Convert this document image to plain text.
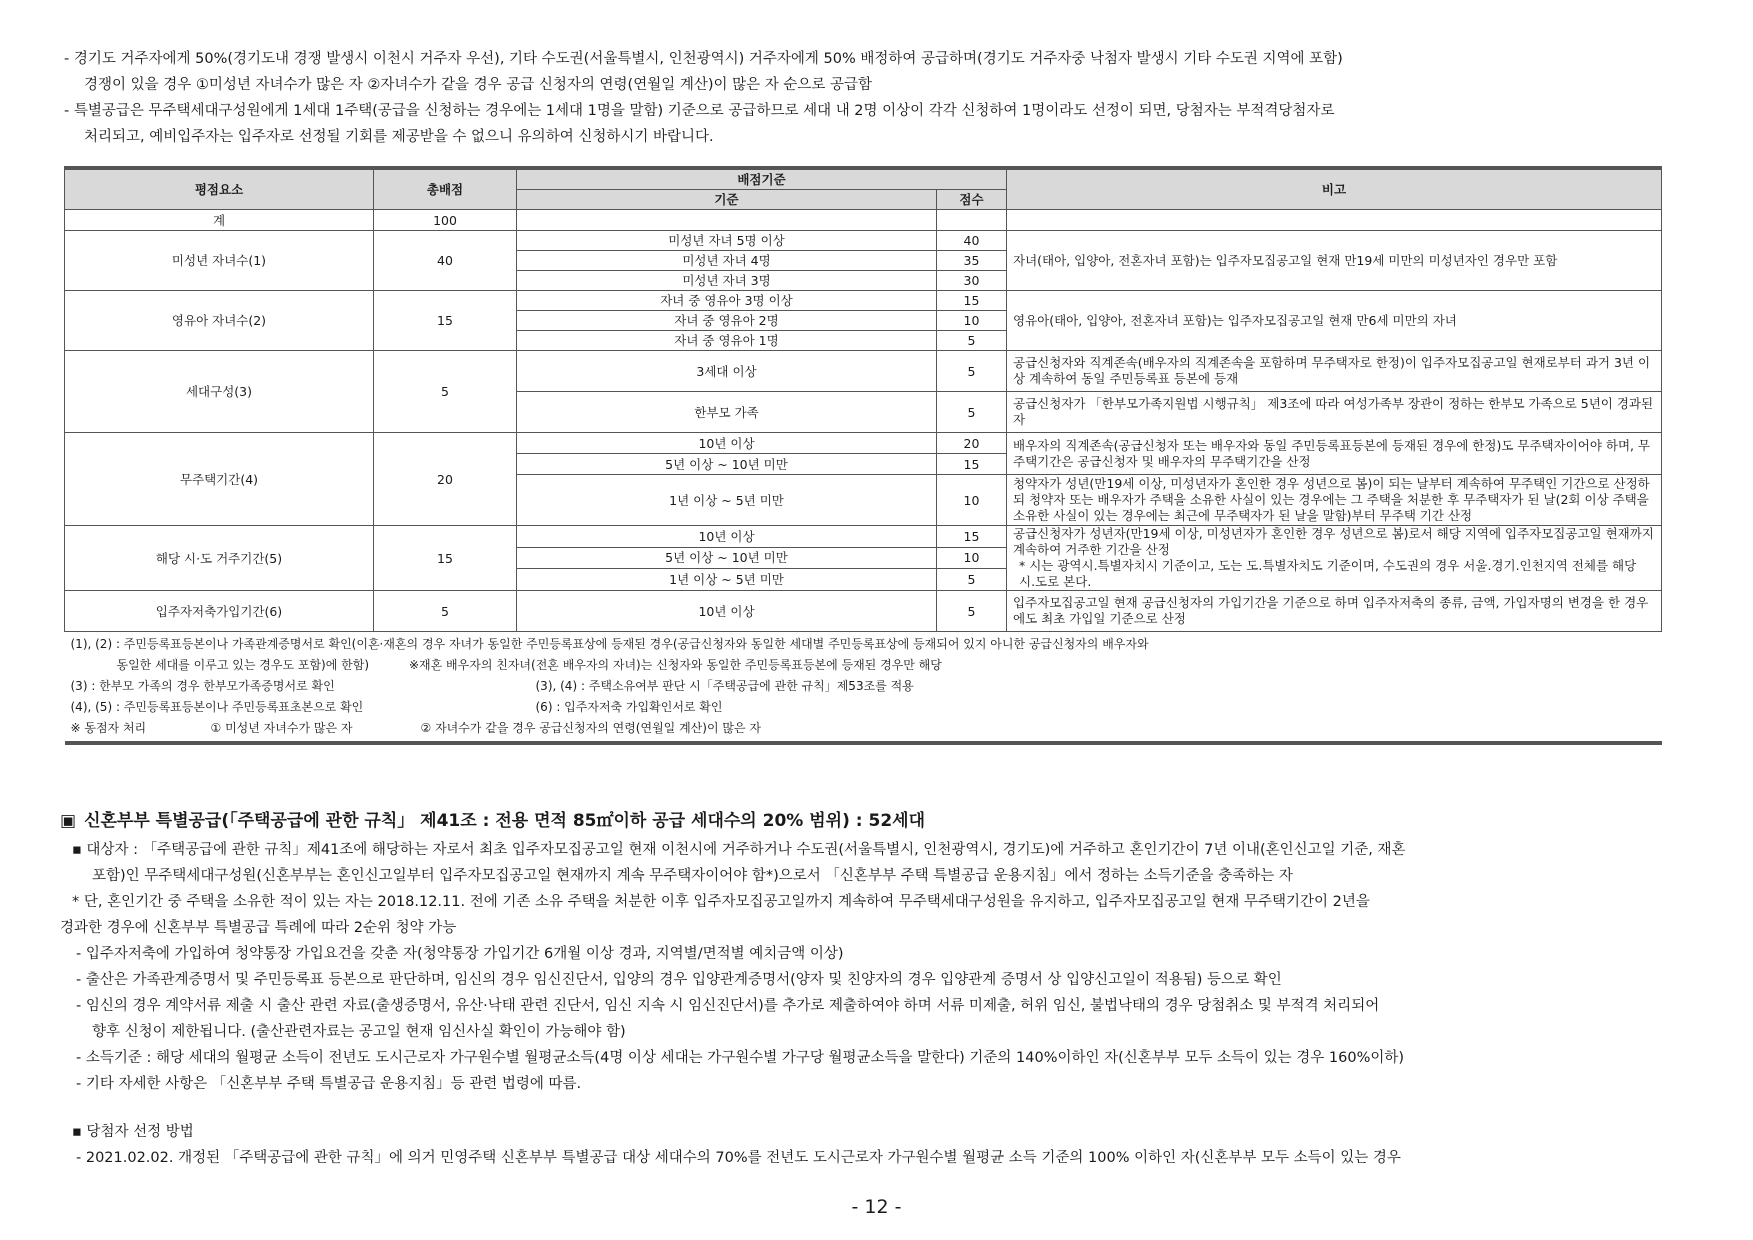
- 경기도 거주자에게 50%(경기도내 경쟁 발생시 이천시 거주자 우선), 기타 수도권(서울특별시, 인천광역시) 거주자에게 50% 배정하여 공급하며(경기도 거주자중 낙첨자 발생시 기타 수도권 지역에 포함)

경쟁이 있을 경우 ①미성년 자녀수가 많은 자 ②자녀수가 같을 경우 공급 신청자의 연령(연월일 계산)이 많은 자 순으로 공급함

- 특별공급은 무주택세대구성원에게 1세대 1주택(공급을 신청하는 경우에는 1세대 1명을 말함) 기준으로 공급하므로 세대 내 2명 이상이 각각 신청하여 1명이라도 선정이 되면, 당첨자는 부적격당첨자로

처리되고, 예비입주자는 입주자로 선정될 기회를 제공받을 수 없으니 유의하여 신청하시기 바랍니다.

평점요소	총배점	배점기준		비고
		기준	점수	
계	100			
미성년 자녀수(1)	40	미성년 자녀 5명 이상	40	자녀(태아, 입양아, 전혼자녀 포함)는 입주자모집공고일 현재 만19세 미만의 미성년자인 경우만 포함
		미성년 자녀 4명	35	
		미성년 자녀 3명	30	
영유아 자녀수(2)	15	자녀 중 영유아 3명 이상	15	영유아(태아, 입양아, 전혼자녀 포함)는 입주자모집공고일 현재 만6세 미만의 자녀
		자녀 중 영유아 2명	10	
		자녀 중 영유아 1명	5	
세대구성(3)	5	3세대 이상	5	공급신청자와 직계존속(배우자의 직계존속을 포함하며 무주택자로 한정)이 입주자모집공고일 현재로부터 과거 3년 이상 계속하여 동일 주민등록표 등본에 등재
		한부모 가족	5	공급신청자가 「한부모가족지원법 시행규칙」 제3조에 따라 여성가족부 장관이 정하는 한부모 가족으로 5년이 경과된 자
무주택기간(4)	20	10년 이상	20	배우자의 직계존속(공급신청자 또는 배우자와 동일 주민등록표등본에 등재된 경우에 한정)도 무주택자이어야 하며, 무주택기간은 공급신청자 및 배우자의 무주택기간을 산정
		5년 이상 ~ 10년 미만	15	
		1년 이상 ~ 5년 미만	10	청약자가 성년(만19세 이상, 미성년자가 혼인한 경우 성년으로 봄)이 되는 날부터 계속하여 무주택인 기간으로 산정하되 청약자 또는 배우자가 주택을 소유한 사실이 있는 경우에는 그 주택을 처분한 후 무주택자가 된 날(2회 이상 주택을 소유한 사실이 있는 경우에는 최근에 무주택자가 된 날을 말함)부터 무주택 기간 산정
해당 시·도 거주기간(5)	15	10년 이상	15	공급신청자가 성년자(만19세 이상, 미성년자가 혼인한 경우 성년으로 봄)로서 해당 지역에 입주자모집공고일 현재까지 계속하여 거주한 기간을 산정
* 시는 광역시.특별자치시 기준이고, 도는 도.특별자치도 기준이며, 수도권의 경우 서울.경기.인천지역 전체를 해당 시.도로 본다.

		5년 이상 ~ 10년 미만	10	
		1년 이상 ~ 5년 미만	5	
입주자저축가입기간(6)	5	10년 이상	5	입주자모집공고일 현재 공급신청자의 가입기간을 기준으로 하며 입주자저축의 종류, 금액, 가입자명의 변경을 한 경우에도 최초 가입일 기준으로 산정

(1), (2) : 주민등록표등본이나 가족관계증명서로 확인(이혼·재혼의 경우 자녀가 동일한 주민등록표상에 등재된 경우(공급신청자와 동일한 세대별 주민등록표상에 등재되어 있지 아니한 공급신청자의 배우자와
동일한 세대를 이루고 있는 경우도 포함)에 한함) ※재혼 배우자의 친자녀(전혼 배우자의 자녀)는 신청자와 동일한 주민등록표등본에 등재된 경우만 해당
(3) : 한부모 가족의 경우 한부모가족증명서로 확인 (3), (4) : 주택소유여부 판단 시「주택공급에 관한 규칙」제53조를 적용
(4), (5) : 주민등록표등본이나 주민등록표초본으로 확인 (6) : 입주자저축 가입확인서로 확인
※ 동점자 처리 ① 미성년 자녀수가 많은 자 ② 자녀수가 같을 경우 공급신청자의 연령(연월일 계산)이 많은 자				

▣ 신혼부부 특별공급(「주택공급에 관한 규칙」 제41조 : 전용 면적 85㎡이하 공급 세대수의 20% 범위) : 52세대

▪ 대상자 : 「주택공급에 관한 규칙」제41조에 해당하는 자로서 최초 입주자모집공고일 현재 이천시에 거주하거나 수도권(서울특별시, 인천광역시, 경기도)에 거주하고 혼인기간이 7년 이내(혼인신고일 기준, 재혼

포함)인 무주택세대구성원(신혼부부는 혼인신고일부터 입주자모집공고일 현재까지 계속 무주택자이어야 함*)으로서 「신혼부부 주택 특별공급 운용지침」에서 정하는 소득기준을 충족하는 자

* 단, 혼인기간 중 주택을 소유한 적이 있는 자는 2018.12.11. 전에 기존 소유 주택을 처분한 이후 입주자모집공고일까지 계속하여 무주택세대구성원을 유지하고, 입주자모집공고일 현재 무주택기간이 2년을

경과한 경우에 신혼부부 특별공급 특례에 따라 2순위 청약 가능

- 입주자저축에 가입하여 청약통장 가입요건을 갖춘 자(청약통장 가입기간 6개월 이상 경과, 지역별/면적별 예치금액 이상)

- 출산은 가족관계증명서 및 주민등록표 등본으로 판단하며, 임신의 경우 임신진단서, 입양의 경우 입양관계증명서(양자 및 친양자의 경우 입양관계 증명서 상 입양신고일이 적용됨) 등으로 확인

- 임신의 경우 계약서류 제출 시 출산 관련 자료(출생증명서, 유산·낙태 관련 진단서, 임신 지속 시 임신진단서)를 추가로 제출하여야 하며 서류 미제출, 허위 임신, 불법낙태의 경우 당첨취소 및 부적격 처리되어

향후 신청이 제한됩니다. (출산관련자료는 공고일 현재 임신사실 확인이 가능해야 함)

- 소득기준 : 해당 세대의 월평균 소득이 전년도 도시근로자 가구원수별 월평균소득(4명 이상 세대는 가구원수별 가구당 월평균소득을 말한다) 기준의 140%이하인 자(신혼부부 모두 소득이 있는 경우 160%이하)

- 기타 자세한 사항은 「신혼부부 주택 특별공급 운용지침」등 관련 법령에 따름.

▪ 당첨자 선정 방법

- 2021.02.02. 개정된 「주택공급에 관한 규칙」에 의거 민영주택 신혼부부 특별공급 대상 세대수의 70%를 전년도 도시근로자 가구원수별 월평균 소득 기준의 100% 이하인 자(신혼부부 모두 소득이 있는 경우

- 12 -
